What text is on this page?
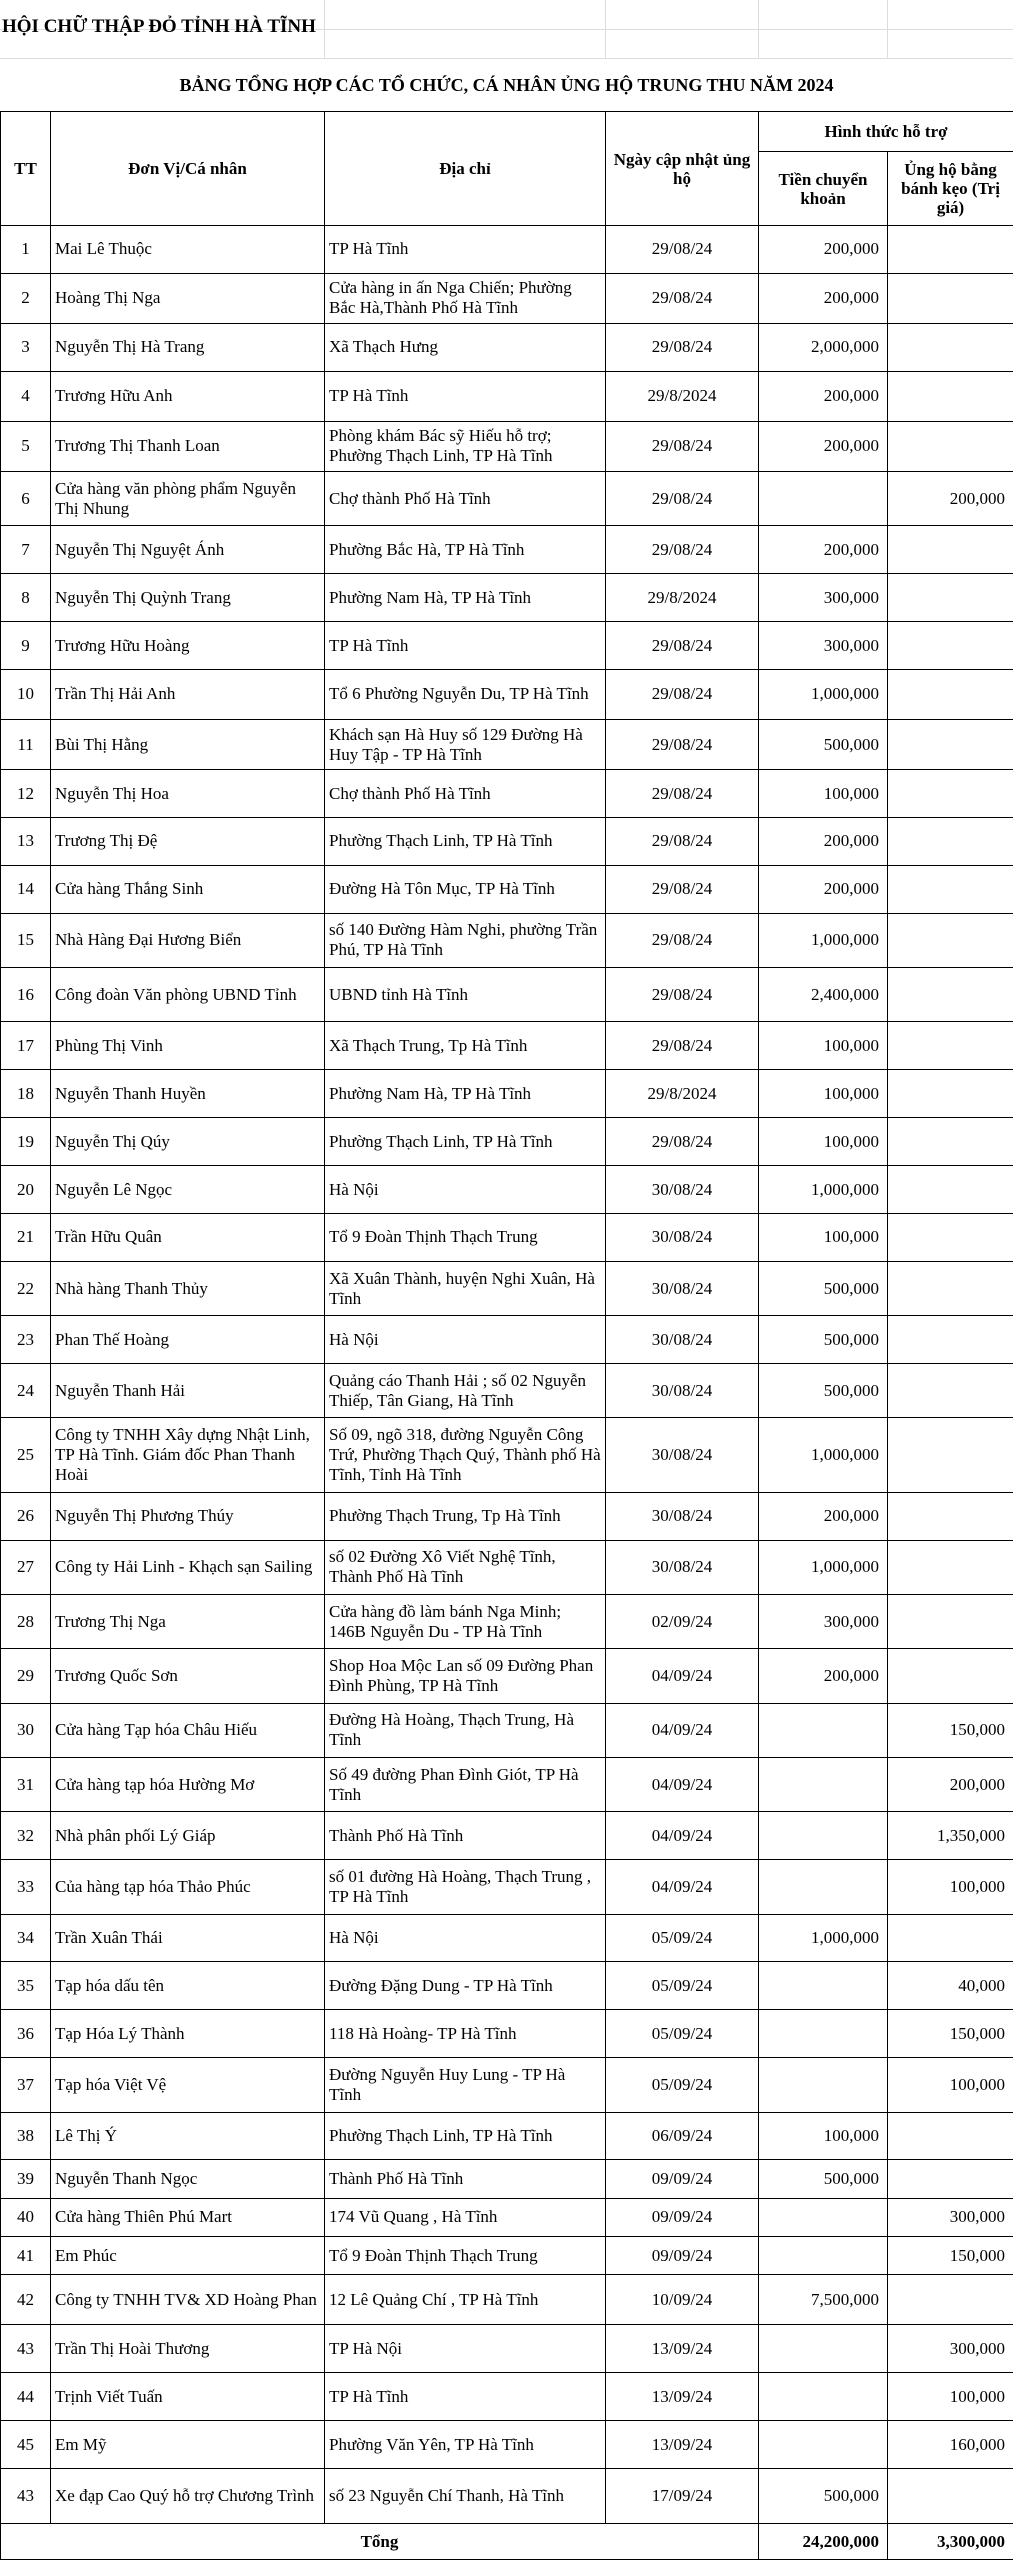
HỘI CHỮ THẬP ĐỎ TỈNH HÀ TĨNH
BẢNG TỔNG HỢP CÁC TỔ CHỨC, CÁ NHÂN ỦNG HỘ TRUNG THU NĂM 2024
TT	Đơn Vị/Cá nhân	Địa chỉ	Ngày cập nhật ủng hộ	Hình thức hỗ trợ	
				Tiền chuyển khoản	Ủng hộ bằng bánh kẹo (Trị giá)
1	Mai Lê Thuộc	TP Hà Tĩnh	29/08/24	200,000	
2	Hoàng Thị Nga	Cửa hàng in ấn Nga Chiến; Phường Bắc Hà,Thành Phố Hà Tĩnh	29/08/24	200,000	
3	Nguyễn Thị Hà Trang	Xã Thạch Hưng	29/08/24	2,000,000	
4	Trương Hữu Anh	TP Hà Tĩnh	29/8/2024	200,000	
5	Trương Thị Thanh Loan	Phòng khám Bác sỹ Hiếu hỗ trợ; Phường Thạch Linh, TP Hà Tĩnh	29/08/24	200,000	
6	Cửa hàng văn phòng phẩm Nguyễn Thị Nhung	Chợ thành Phố Hà Tĩnh	29/08/24		200,000
7	Nguyễn Thị Nguyệt Ánh	Phường Bắc Hà, TP Hà Tĩnh	29/08/24	200,000	
8	Nguyễn Thị Quỳnh Trang	Phường Nam Hà, TP Hà Tĩnh	29/8/2024	300,000	
9	Trương Hữu Hoàng	TP Hà Tĩnh	29/08/24	300,000	
10	Trần Thị Hải Anh	Tổ 6 Phường Nguyễn Du, TP Hà Tĩnh	29/08/24	1,000,000	
11	Bùi Thị Hằng	Khách sạn Hà Huy số 129 Đường Hà Huy Tập - TP Hà Tĩnh	29/08/24	500,000	
12	Nguyễn Thị Hoa	Chợ thành Phố Hà Tĩnh	29/08/24	100,000	
13	Trương Thị Đệ	Phường Thạch Linh, TP Hà Tĩnh	29/08/24	200,000	
14	Cửa hàng Thắng Sinh	Đường Hà Tôn Mục, TP Hà Tĩnh	29/08/24	200,000	
15	Nhà Hàng Đại Hương Biển	số 140 Đường Hàm Nghi, phường Trần Phú, TP Hà Tĩnh	29/08/24	1,000,000	
16	Công đoàn Văn phòng UBND Tỉnh	UBND tỉnh Hà Tĩnh	29/08/24	2,400,000	
17	Phùng Thị Vinh	Xã Thạch Trung, Tp Hà Tĩnh	29/08/24	100,000	
18	Nguyễn Thanh Huyền	Phường Nam Hà, TP Hà Tĩnh	29/8/2024	100,000	
19	Nguyễn Thị Qúy	Phường Thạch Linh, TP Hà Tĩnh	29/08/24	100,000	
20	Nguyễn Lê Ngọc	Hà Nội	30/08/24	1,000,000	
21	Trần Hữu Quân	Tổ 9 Đoàn Thịnh Thạch Trung	30/08/24	100,000	
22	Nhà hàng Thanh Thủy	Xã Xuân Thành, huyện Nghi Xuân, Hà Tĩnh	30/08/24	500,000	
23	Phan Thế Hoàng	Hà Nội	30/08/24	500,000	
24	Nguyễn Thanh Hải	Quảng cáo Thanh Hải ; số 02 Nguyễn Thiếp, Tân Giang, Hà Tĩnh	30/08/24	500,000	
25	Công ty TNHH Xây dựng Nhật Linh, TP Hà Tĩnh. Giám đốc Phan Thanh Hoài	Số 09, ngõ 318, đường Nguyễn Công Trứ, Phường Thạch Quý, Thành phố Hà Tĩnh, Tỉnh Hà Tĩnh	30/08/24	1,000,000	
26	Nguyễn Thị Phương Thúy	Phường Thạch Trung, Tp Hà Tĩnh	30/08/24	200,000	
27	Công ty Hải Linh - Khạch sạn Sailing	số 02 Đường Xô Viết Nghệ Tĩnh, Thành Phố Hà Tĩnh	30/08/24	1,000,000	
28	Trương Thị Nga	Cửa hàng đồ làm bánh Nga Minh; 146B Nguyễn Du - TP Hà Tĩnh	02/09/24	300,000	
29	Trương Quốc Sơn	Shop Hoa Mộc Lan số 09 Đường Phan Đình Phùng, TP Hà Tĩnh	04/09/24	200,000	
30	Cửa hàng Tạp hóa Châu Hiếu	Đường Hà Hoàng, Thạch Trung, Hà Tĩnh	04/09/24		150,000
31	Cửa hàng tạp hóa Hường Mơ	Số 49 đường Phan Đình Giót, TP Hà Tĩnh	04/09/24		200,000
32	Nhà phân phối Lý Giáp	Thành Phố Hà Tĩnh	04/09/24		1,350,000
33	Của hàng tạp hóa Thảo Phúc	số 01 đường Hà Hoàng, Thạch Trung , TP Hà Tĩnh	04/09/24		100,000
34	Trần Xuân Thái	Hà Nội	05/09/24	1,000,000	
35	Tạp hóa dấu tên	Đường Đặng Dung - TP Hà Tĩnh	05/09/24		40,000
36	Tạp Hóa Lý Thành	118 Hà Hoàng- TP Hà Tĩnh	05/09/24		150,000
37	Tạp hóa Việt Vệ	Đường Nguyễn Huy Lung - TP Hà Tĩnh	05/09/24		100,000
38	Lê Thị Ý	Phường Thạch Linh, TP Hà Tĩnh	06/09/24	100,000	
39	Nguyễn Thanh Ngọc	Thành Phố Hà Tĩnh	09/09/24	500,000	
40	Cửa hàng Thiên Phú Mart	174 Vũ Quang , Hà Tĩnh	09/09/24		300,000
41	Em Phúc	Tổ 9 Đoàn Thịnh Thạch Trung	09/09/24		150,000
42	Công ty TNHH TV& XD Hoàng Phan	12 Lê Quảng Chí , TP Hà Tĩnh	10/09/24	7,500,000	
43	Trần Thị Hoài Thương	TP Hà Nội	13/09/24		300,000
44	Trịnh Viết Tuấn	TP Hà Tĩnh	13/09/24		100,000
45	Em Mỹ	Phường Văn Yên, TP Hà Tĩnh	13/09/24		160,000
43	Xe đạp Cao Quý hỗ trợ Chương Trình	số 23 Nguyễn Chí Thanh, Hà Tĩnh	17/09/24	500,000	
Tổng				24,200,000	3,300,000
